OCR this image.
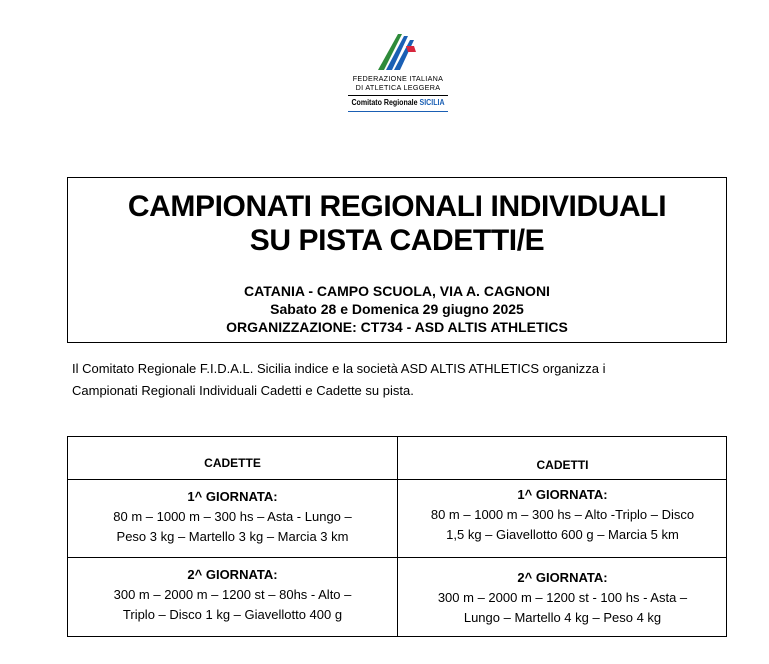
FEDERAZIONE ITALIANA
DI ATLETICA LEGGERA
Comitato Regionale SICILIA
CAMPIONATI REGIONALI INDIVIDUALI
SU PISTA CADETTI/E
CATANIA - CAMPO SCUOLA, VIA A. CAGNONI
Sabato 28 e Domenica 29 giugno 2025
ORGANIZZAZIONE: CT734 - ASD ALTIS ATHLETICS
Il Comitato Regionale F.I.D.A.L. Sicilia indice e la società ASD ALTIS ATHLETICS organizza i
Campionati Regionali Individuali Cadetti e Cadette su pista.
CADETTE	CADETTI
1^ GIORNATA:
80 m – 1000 m – 300 hs – Asta - Lungo –
Peso 3 kg – Martello 3 kg – Marcia 3 km
1^ GIORNATA:
80 m – 1000 m – 300 hs – Alto -Triplo – Disco
1,5 kg – Giavellotto 600 g – Marcia 5 km
2^ GIORNATA:
300 m – 2000 m – 1200 st – 80hs - Alto –
Triplo – Disco 1 kg – Giavellotto 400 g
2^ GIORNATA:
300 m – 2000 m – 1200 st - 100 hs - Asta –
Lungo – Martello 4 kg – Peso 4 kg
